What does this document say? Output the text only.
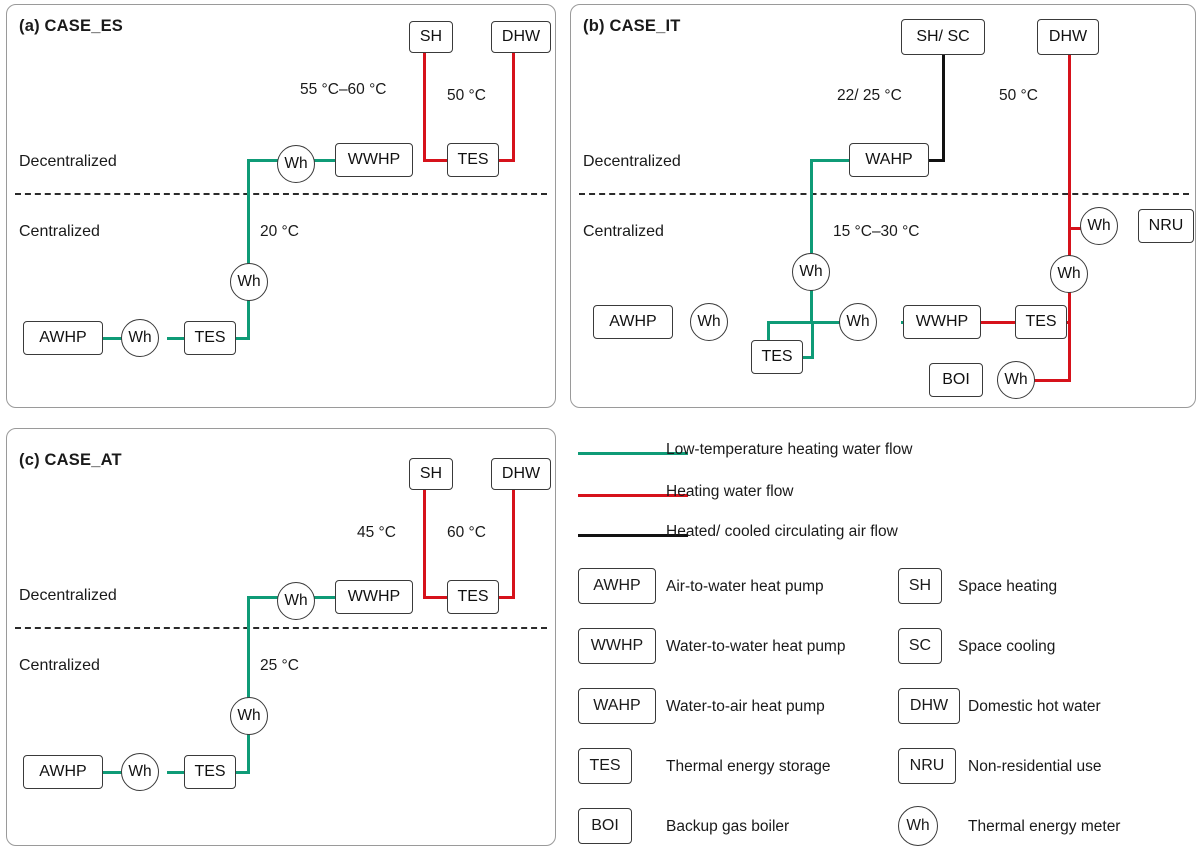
(a) CASE_ES
Decentralized
Centralized
SH	DHW
WWHP	TES
Wh
Wh
AWHP	Wh	TES
55 °C–60 °C	50 °C
20 °C
(b) CASE_IT
Decentralized
Centralized
SH/ SC	DHW
WAHP
Wh	Wh
Wh	NRU
AWHP	Wh
TES
Wh	WWHP	TES
BOI	Wh
22/ 25 °C	50 °C
15 °C–30 °C
(c) CASE_AT
Decentralized
Centralized
SH	DHW
WWHP	TES
Wh
Wh
AWHP	Wh	TES
45 °C	60 °C
25 °C
Low-temperature heating water flow
Heating water flow
Heated/ cooled circulating air flow
AWHP	Air-to-water heat pump
WWHP	Water-to-water heat pump
WAHP	Water-to-air heat pump
TES	Thermal energy storage
BOI	Backup gas boiler
SH	Space heating
SC	Space cooling
DHW	Domestic hot water
NRU	Non-residential use
Wh	Thermal energy meter
